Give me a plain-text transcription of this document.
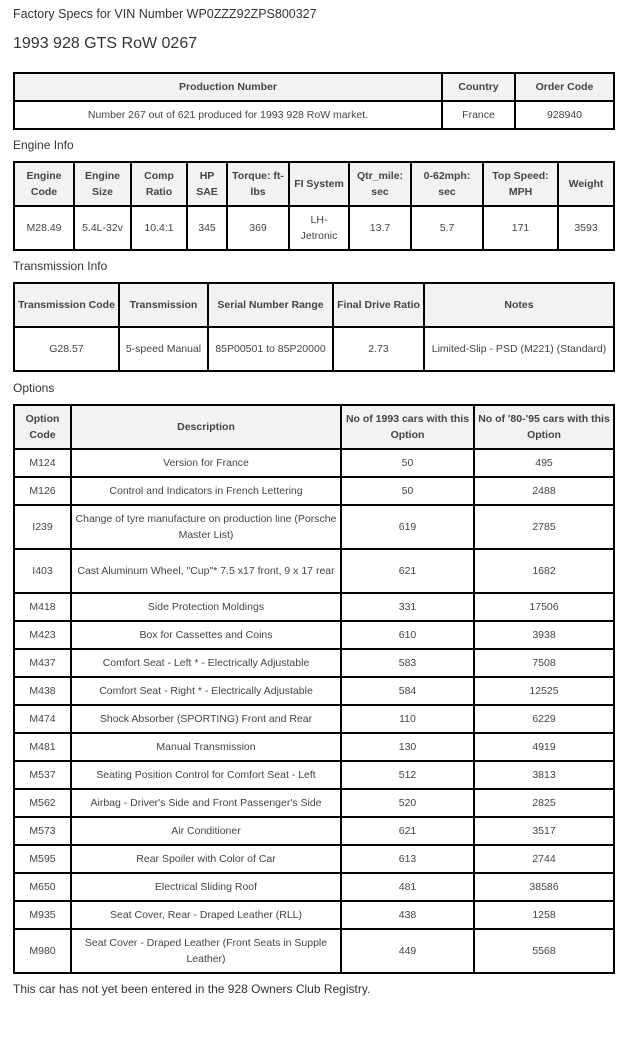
Factory Specs for VIN Number WP0ZZZ92ZPS800327

1993 928 GTS RoW 0267
Production Number	Country	Order Code
Number 267 out of 621 produced for 1993 928 RoW market.	France	928940

Engine Info

Engine Code	Engine Size	Comp Ratio	HP SAE	Torque: ft-lbs	FI System	Qtr_mile: sec	0-62mph: sec	Top Speed: MPH	Weight
M28.49	5.4L-32v	10.4:1	345	369	LH-Jetronic	13.7	5.7	171	3593

Transmission Info

Transmission Code	Transmission	Serial Number Range	Final Drive Ratio	Notes
G28.57	5-speed Manual	85P00501 to 85P20000	2.73	Limited-Slip - PSD (M221) (Standard)

Options

Option Code	Description	No of 1993 cars with this Option	No of '80-'95 cars with this Option
M124	Version for France	50	495
M126	Control and Indicators in French Lettering	50	2488
I239	Change of tyre manufacture on production line (Porsche Master List)	619	2785
I403	Cast Aluminum Wheel, "Cup"* 7.5 x17 front, 9 x 17 rear	621	1682
M418	Side Protection Moldings	331	17506
M423	Box for Cassettes and Coins	610	3938
M437	Comfort Seat - Left * - Electrically Adjustable	583	7508
M438	Comfort Seat - Right * - Electrically Adjustable	584	12525
M474	Shock Absorber (SPORTING) Front and Rear	110	6229
M481	Manual Transmission	130	4919
M537	Seating Position Control for Comfort Seat - Left	512	3813
M562	Airbag - Driver's Side and Front Passenger's Side	520	2825
M573	Air Conditioner	621	3517
M595	Rear Spoiler with Color of Car	613	2744
M650	Electrical Sliding Roof	481	38586
M935	Seat Cover, Rear - Draped Leather (RLL)	438	1258
M980	Seat Cover - Draped Leather (Front Seats in Supple Leather)	449	5568

This car has not yet been entered in the 928 Owners Club Registry.
